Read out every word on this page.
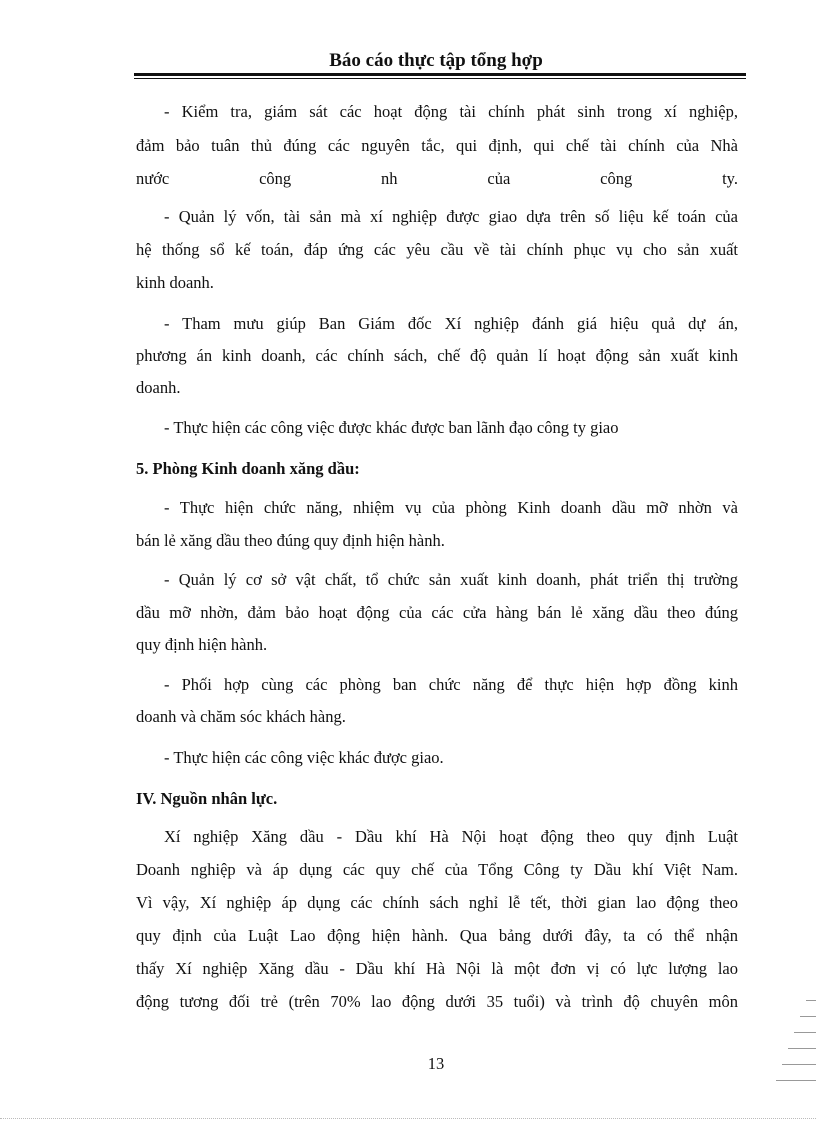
Báo cáo thực tập tổng hợp
- Kiểm tra, giám sát các hoạt động tài chính phát sinh trong xí nghiệp,
đảm bảo tuân thủ đúng các nguyên tắc, qui định, qui chế tài chính của Nhà
nước công nh của công ty.
- Quản lý vốn, tài sản mà xí nghiệp được giao dựa trên số liệu kế toán của
hệ thống sổ kế toán, đáp ứng các yêu cầu về tài chính phục vụ cho sản xuất
kinh doanh.
- Tham mưu giúp Ban Giám đốc Xí nghiệp đánh giá hiệu quả dự án,
phương án kinh doanh, các chính sách, chế độ quản lí hoạt động sản xuất kinh
doanh.
- Thực hiện các công việc được khác được ban lãnh đạo công ty giao
5. Phòng Kinh doanh xăng dầu:
- Thực hiện chức năng, nhiệm vụ của phòng Kinh doanh dầu mỡ nhờn và
bán lẻ xăng dầu theo đúng quy định hiện hành.
- Quản lý cơ sở vật chất, tổ chức sản xuất kinh doanh, phát triển thị trường
dầu mỡ nhờn, đảm bảo hoạt động của các cửa hàng bán lẻ xăng dầu theo đúng
quy định hiện hành.
- Phối hợp cùng các phòng ban chức năng để thực hiện hợp đồng kinh
doanh và chăm sóc khách hàng.
- Thực hiện các công việc khác được giao.
IV. Nguồn nhân lực.
Xí nghiệp Xăng dầu - Dầu khí Hà Nội hoạt động theo quy định Luật
Doanh nghiệp và áp dụng các quy chế của Tổng Công ty Dầu khí Việt Nam.
Vì vậy, Xí nghiệp áp dụng các chính sách nghỉ lễ tết, thời gian lao động theo
quy định của Luật Lao động hiện hành. Qua bảng dưới đây, ta có thể nhận
thấy Xí nghiệp Xăng dầu - Dầu khí Hà Nội là một đơn vị có lực lượng lao
động tương đối trẻ (trên 70% lao động dưới 35 tuổi) và trình độ chuyên môn
13
